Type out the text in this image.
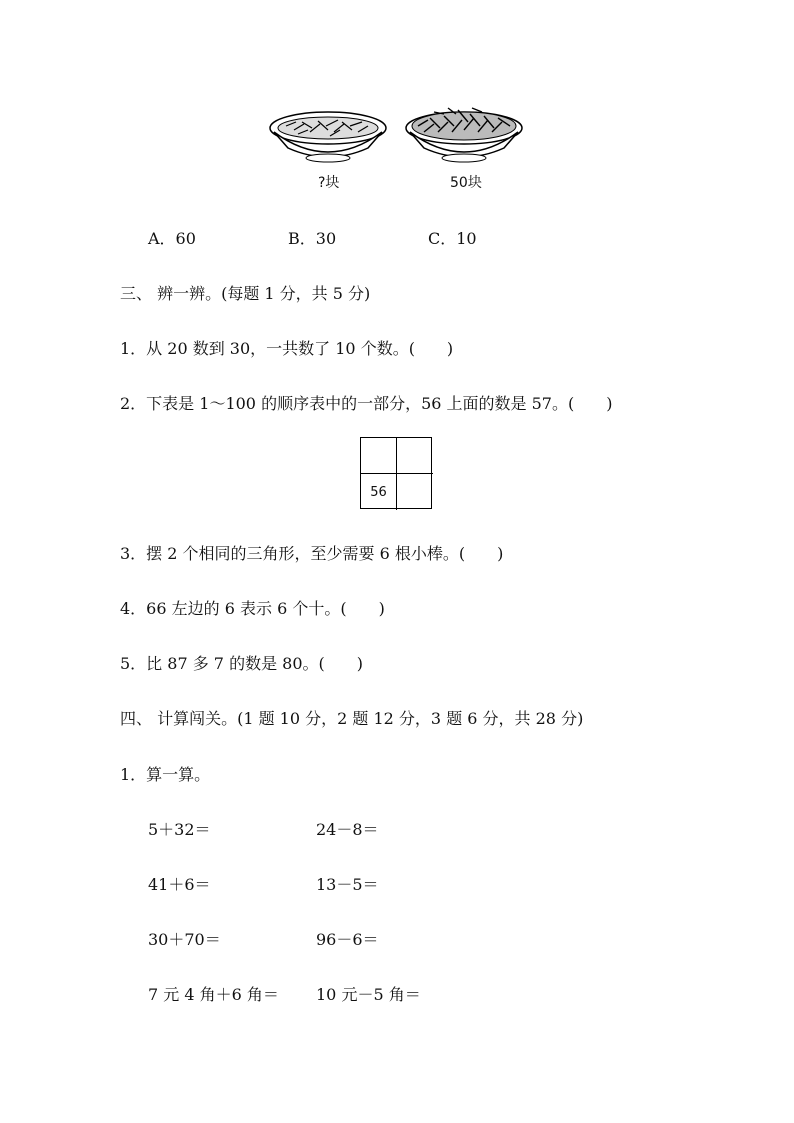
?块	50块
A．60	B．30	C．10
三、 辨一辨。(每题 1 分，共 5 分)
1．从 20 数到 30，一共数了 10 个数。(　　)
2．下表是 1～100 的顺序表中的一部分，56 上面的数是 57。(　　)
56
3．摆 2 个相同的三角形，至少需要 6 根小棒。(　　)
4．66 左边的 6 表示 6 个十。(　　)
5．比 87 多 7 的数是 80。(　　)
四、 计算闯关。(1 题 10 分，2 题 12 分，3 题 6 分，共 28 分)
1．算一算。
5＋32＝	24－8＝
41＋6＝	13－5＝
30＋70＝	96－6＝
7 元 4 角＋6 角＝ 10 元－5 角＝
